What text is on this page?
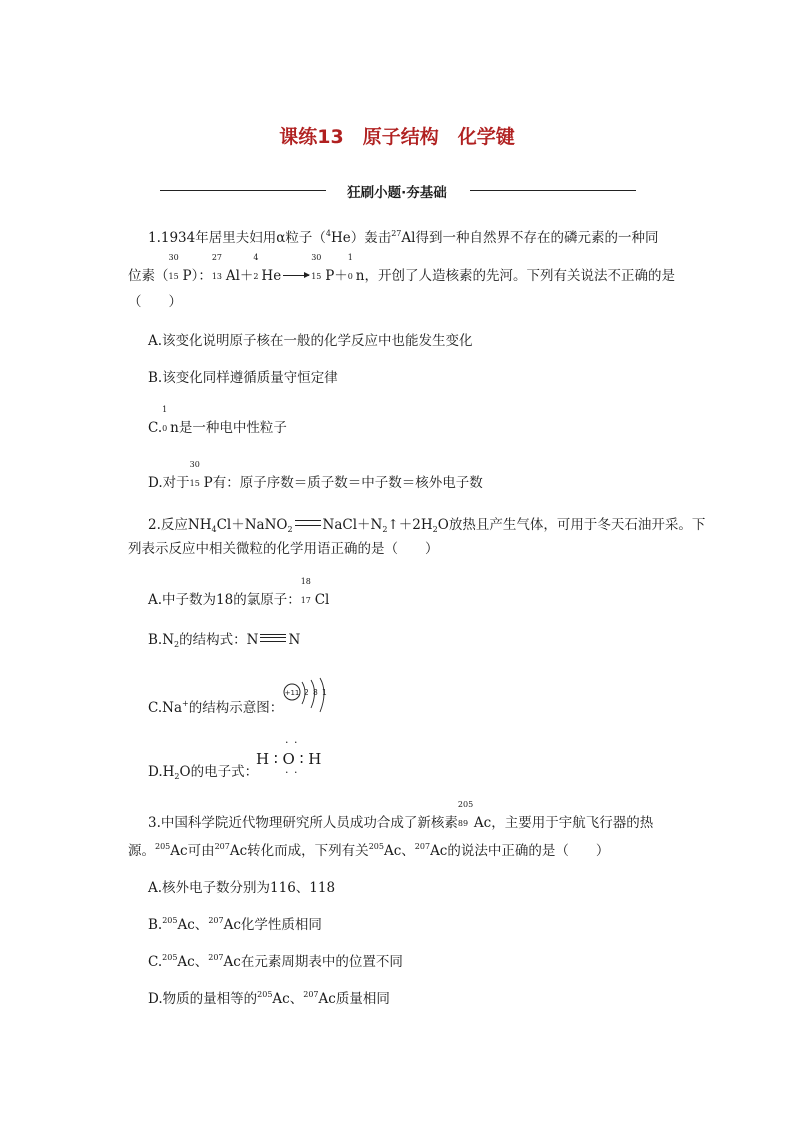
课练13　原子结构　化学键
狂刷小题·夯基础
1.1934年居里夫妇用α粒子（$^4$He）轰击$^{27}$Al得到一种自然界不存在的磷元素的一种同
位素（
30
15 P）：
27
13 Al＋
4
2 He →
30
15 P＋
1
0 n，开创了人造核素的先河。下列有关说法不正确的是
（　　）
A.该变化说明原子核在一般的化学反应中也能发生变化
B.该变化同样遵循质量守恒定律
C.
1
0 n是一种电中性粒子
D.对于
30
15 P有：原子序数＝质子数＝中子数＝核外电子数
2.反应$NH_4Cl+NaNO_2$ $NaCl+N_2↑+2H_2O$放热且产生气体，可用于冬天石油开采。下
列表示反应中相关微粒的化学用语正确的是（　　）
A.中子数为18的氯原子：
18
17 Cl
$B.N_2$的结构式：N N
C.Na+的结构示意图：
+11 2 8 1
$D.H_2O$的电子式：
· ·
H ∶ O ∶ H
· ·
3.中国科学院近代物理研究所人员成功合成了新核素
205
89 Ac，主要用于宇航飞行器的热
源。$^{205}$Ac可由$^{207}$Ac转化而成，下列有关$^{205}$Ac、$^{207}$Ac的说法中正确的是（　　）
A.核外电子数分别为116、118
B.$^{205}$Ac、$^{207}$Ac化学性质相同
C.$^{205}$Ac、$^{207}$Ac在元素周期表中的位置不同
D.物质的量相等的$^{205}$Ac、$^{207}$Ac质量相同
